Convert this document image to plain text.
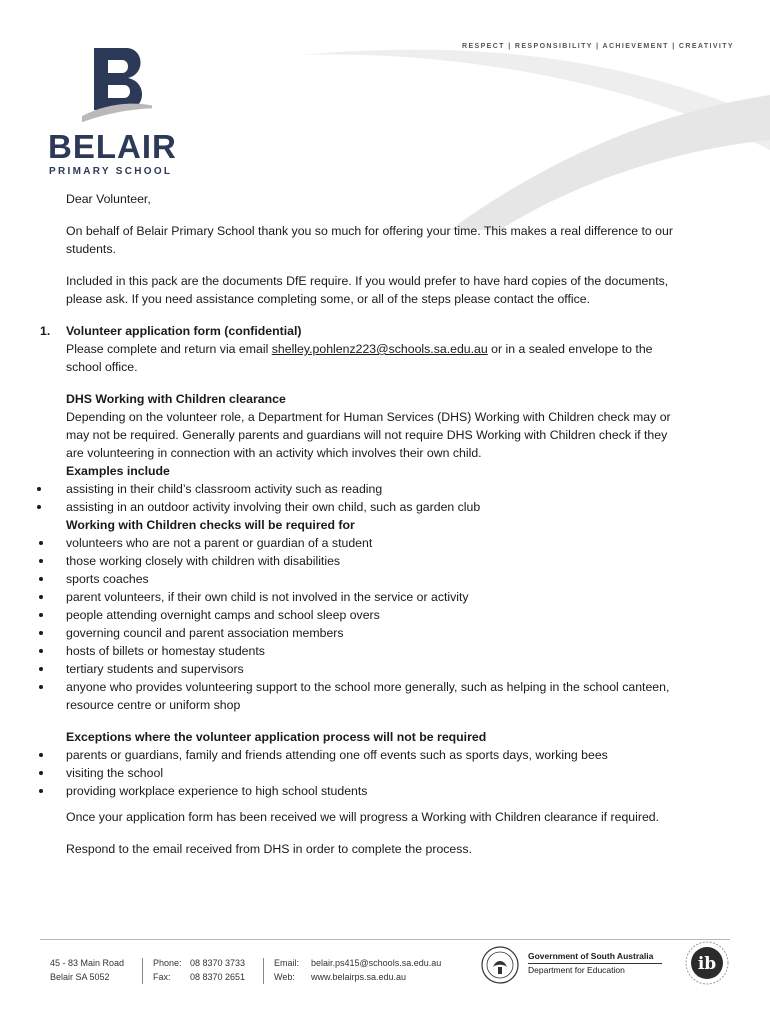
RESPECT | RESPONSIBILITY | ACHIEVEMENT | CREATIVITY
BELAIR
PRIMARY SCHOOL

Dear Volunteer,

On behalf of Belair Primary School thank you so much for offering your time. This makes a real difference to our students.

Included in this pack are the documents DfE require. If you would prefer to have hard copies of the documents, please ask. If you need assistance completing some, or all of the steps please contact the office.

1. Volunteer application form (confidential)
Please complete and return via email shelley.pohlenz223@schools.sa.edu.au or in a sealed envelope to the school office.
DHS Working with Children clearance
Depending on the volunteer role, a Department for Human Services (DHS) Working with Children check may or may not be required. Generally parents and guardians will not require DHS Working with Children check if they are volunteering in connection with an activity which involves their own child.
Examples include
assisting in their child’s classroom activity such as reading
assisting in an outdoor activity involving their own child, such as garden club
Working with Children checks will be required for
volunteers who are not a parent or guardian of a student
those working closely with children with disabilities
sports coaches
parent volunteers, if their own child is not involved in the service or activity
people attending overnight camps and school sleep overs
governing council and parent association members
hosts of billets or homestay students
tertiary students and supervisors
anyone who provides volunteering support to the school more generally, such as helping in the school canteen, resource centre or uniform shop
Exceptions where the volunteer application process will not be required
parents or guardians, family and friends attending one off events such as sports days, working bees
visiting the school
providing workplace experience to high school students

Once your application form has been received we will progress a Working with Children clearance if required.

Respond to the email received from DHS in order to complete the process.

45 - 83 Main Road
Belair SA 5052
Phone: 08 8370 3733
Fax: 08 8370 2651
Email: belair.ps415@schools.sa.edu.au
Web: www.belairps.sa.edu.au
Government of South Australia
Department for Education	ib
